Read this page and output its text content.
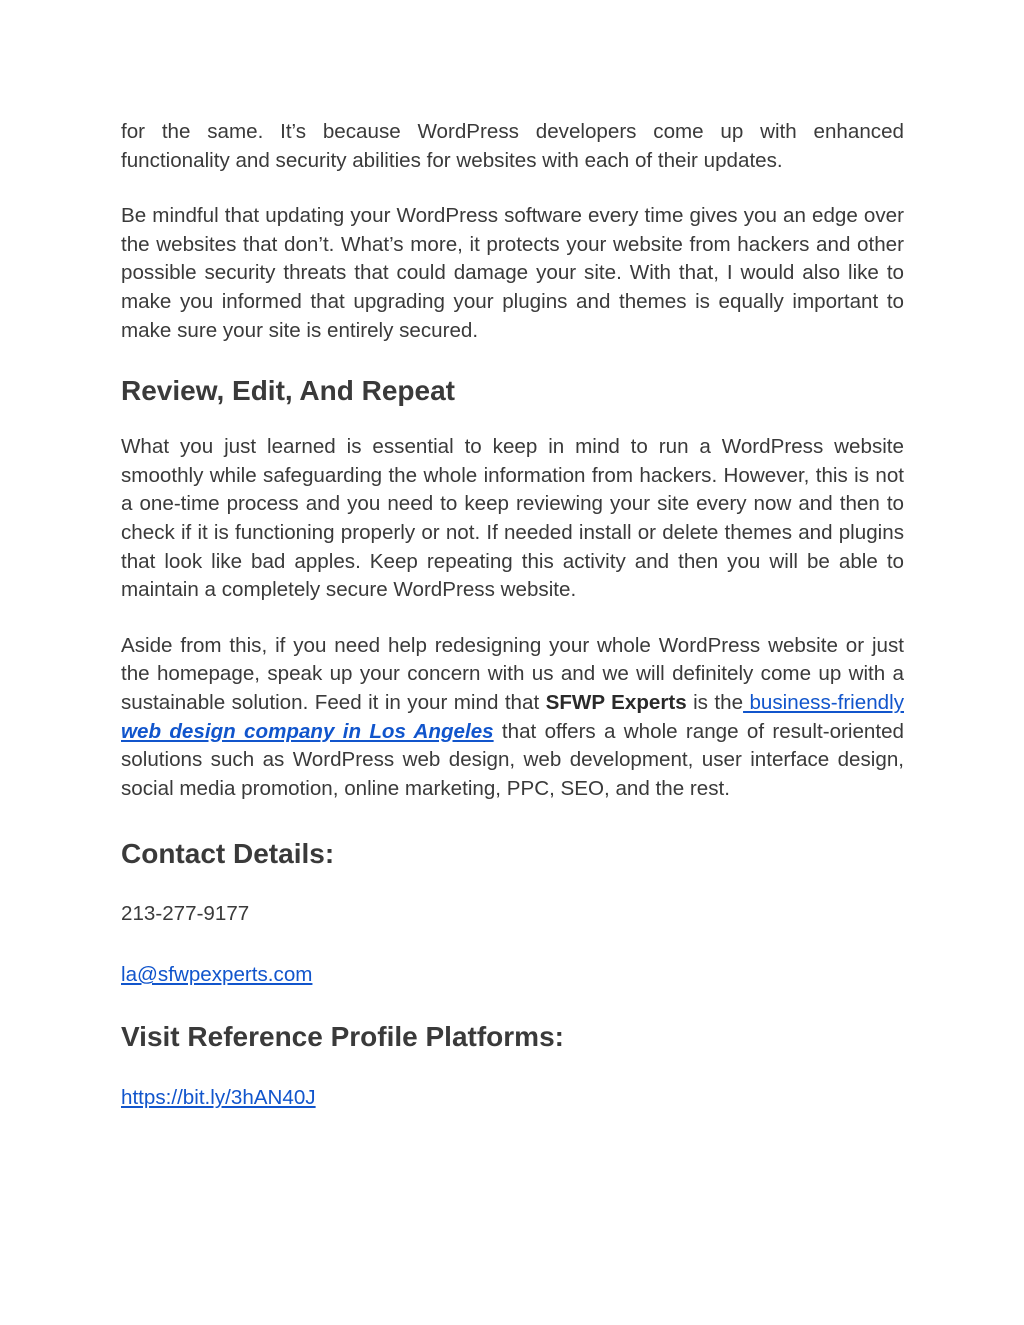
for the same. It’s because WordPress developers come up with enhanced functionality and security abilities for websites with each of their updates.

Be mindful that updating your WordPress software every time gives you an edge over the websites that don’t. What’s more, it protects your website from hackers and other possible security threats that could damage your site. With that, I would also like to make you informed that upgrading your plugins and themes is equally important to make sure your site is entirely secured.

Review, Edit, And Repeat

What you just learned is essential to keep in mind to run a WordPress website smoothly while safeguarding the whole information from hackers. However, this is not a one-time process and you need to keep reviewing your site every now and then to check if it is functioning properly or not. If needed install or delete themes and plugins that look like bad apples. Keep repeating this activity and then you will be able to maintain a completely secure WordPress website.

Aside from this, if you need help redesigning your whole WordPress website or just the homepage, speak up your concern with us and we will definitely come up with a sustainable solution. Feed it in your mind that SFWP Experts is the business-friendly web design company in Los Angeles that offers a whole range of result-oriented solutions such as WordPress web design, web development, user interface design, social media promotion, online marketing, PPC, SEO, and the rest.

Contact Details:

213-277-9177

la@sfwpexperts.com

Visit Reference Profile Platforms:

https://bit.ly/3hAN40J
